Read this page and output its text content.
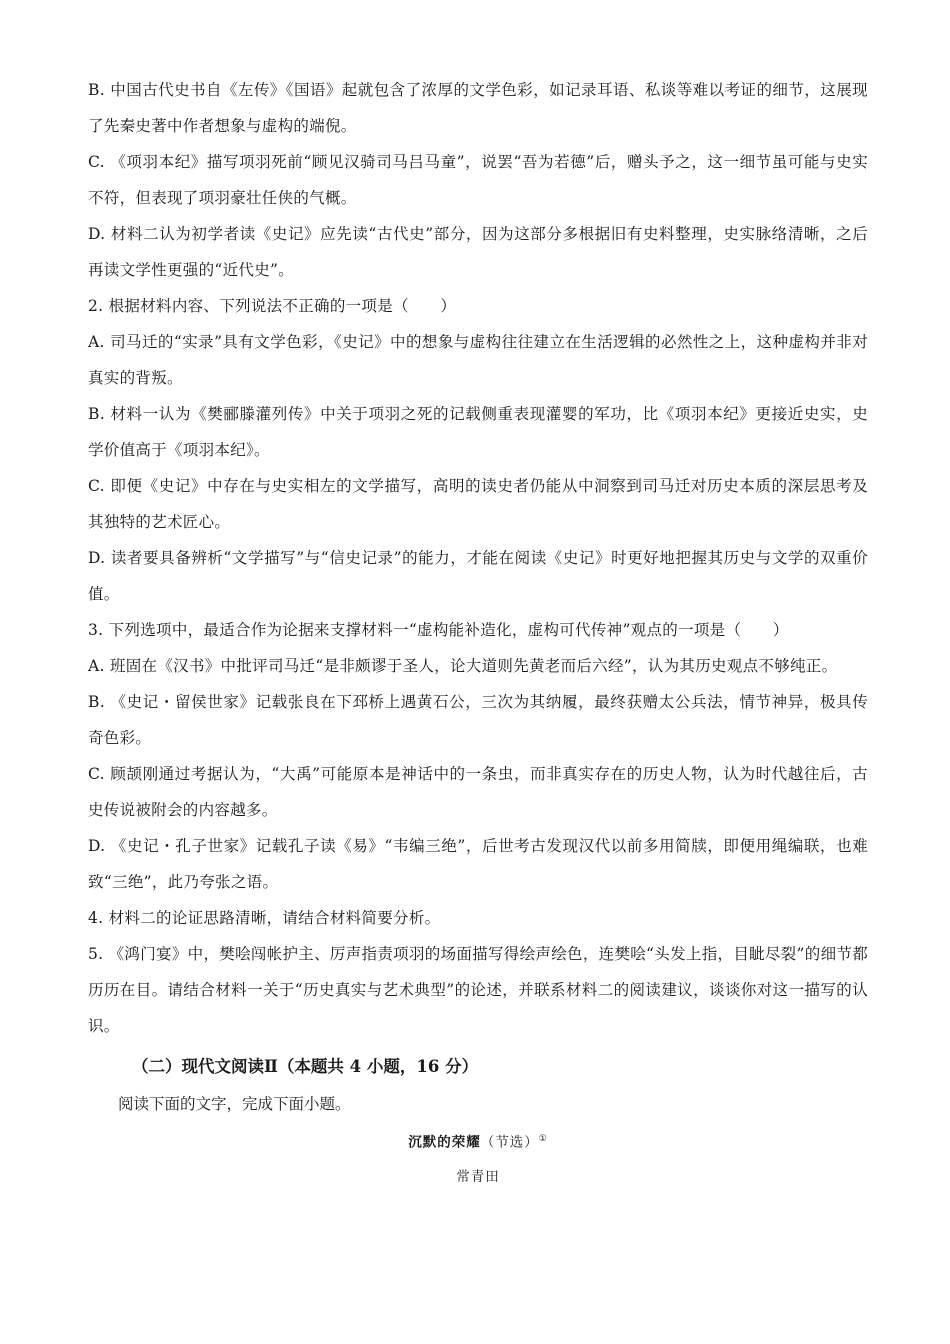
B. 中国古代史书自《左传》《国语》起就包含了浓厚的文学色彩，如记录耳语、私谈等难以考证的细节，这展现了先秦史著中作者想象与虚构的端倪。

C. 《项羽本纪》描写项羽死前“顾见汉骑司马吕马童”，说罢“吾为若德”后，赠头予之，这一细节虽可能与史实不符，但表现了项羽豪壮任侠的气概。

D. 材料二认为初学者读《史记》应先读“古代史”部分，因为这部分多根据旧有史料整理，史实脉络清晰，之后再读文学性更强的“近代史”。

2. 根据材料内容、下列说法不正确的一项是（　　）

A. 司马迁的“实录”具有文学色彩，《史记》中的想象与虚构往往建立在生活逻辑的必然性之上，这种虚构并非对真实的背叛。

B. 材料一认为《樊郦滕灌列传》中关于项羽之死的记载侧重表现灌婴的军功，比《项羽本纪》更接近史实，史学价值高于《项羽本纪》。

C. 即便《史记》中存在与史实相左的文学描写，高明的读史者仍能从中洞察到司马迁对历史本质的深层思考及其独特的艺术匠心。

D. 读者要具备辨析“文学描写”与“信史记录”的能力，才能在阅读《史记》时更好地把握其历史与文学的双重价值。

3. 下列选项中，最适合作为论据来支撑材料一“虚构能补造化，虚构可代传神”观点的一项是（　　）

A. 班固在《汉书》中批评司马迁“是非颇谬于圣人，论大道则先黄老而后六经”，认为其历史观点不够纯正。

B. 《史记・留侯世家》记载张良在下邳桥上遇黄石公，三次为其纳履，最终获赠太公兵法，情节神异，极具传奇色彩。

C. 顾颉刚通过考据认为，“大禹”可能原本是神话中的一条虫，而非真实存在的历史人物，认为时代越往后，古史传说被附会的内容越多。

D. 《史记・孔子世家》记载孔子读《易》“韦编三绝”，后世考古发现汉代以前多用简牍，即便用绳编联，也难致“三绝”，此乃夸张之语。

4. 材料二的论证思路清晰，请结合材料简要分析。

5. 《鸿门宴》中，樊哙闯帐护主、厉声指责项羽的场面描写得绘声绘色，连樊哙“头发上指，目眦尽裂”的细节都历历在目。请结合材料一关于“历史真实与艺术典型”的论述，并联系材料二的阅读建议，谈谈你对这一描写的认识。

（二）现代文阅读Ⅱ（本题共 4 小题，16 分）
阅读下面的文字，完成下面小题。
沉默的荣耀（节选）①
常青田
